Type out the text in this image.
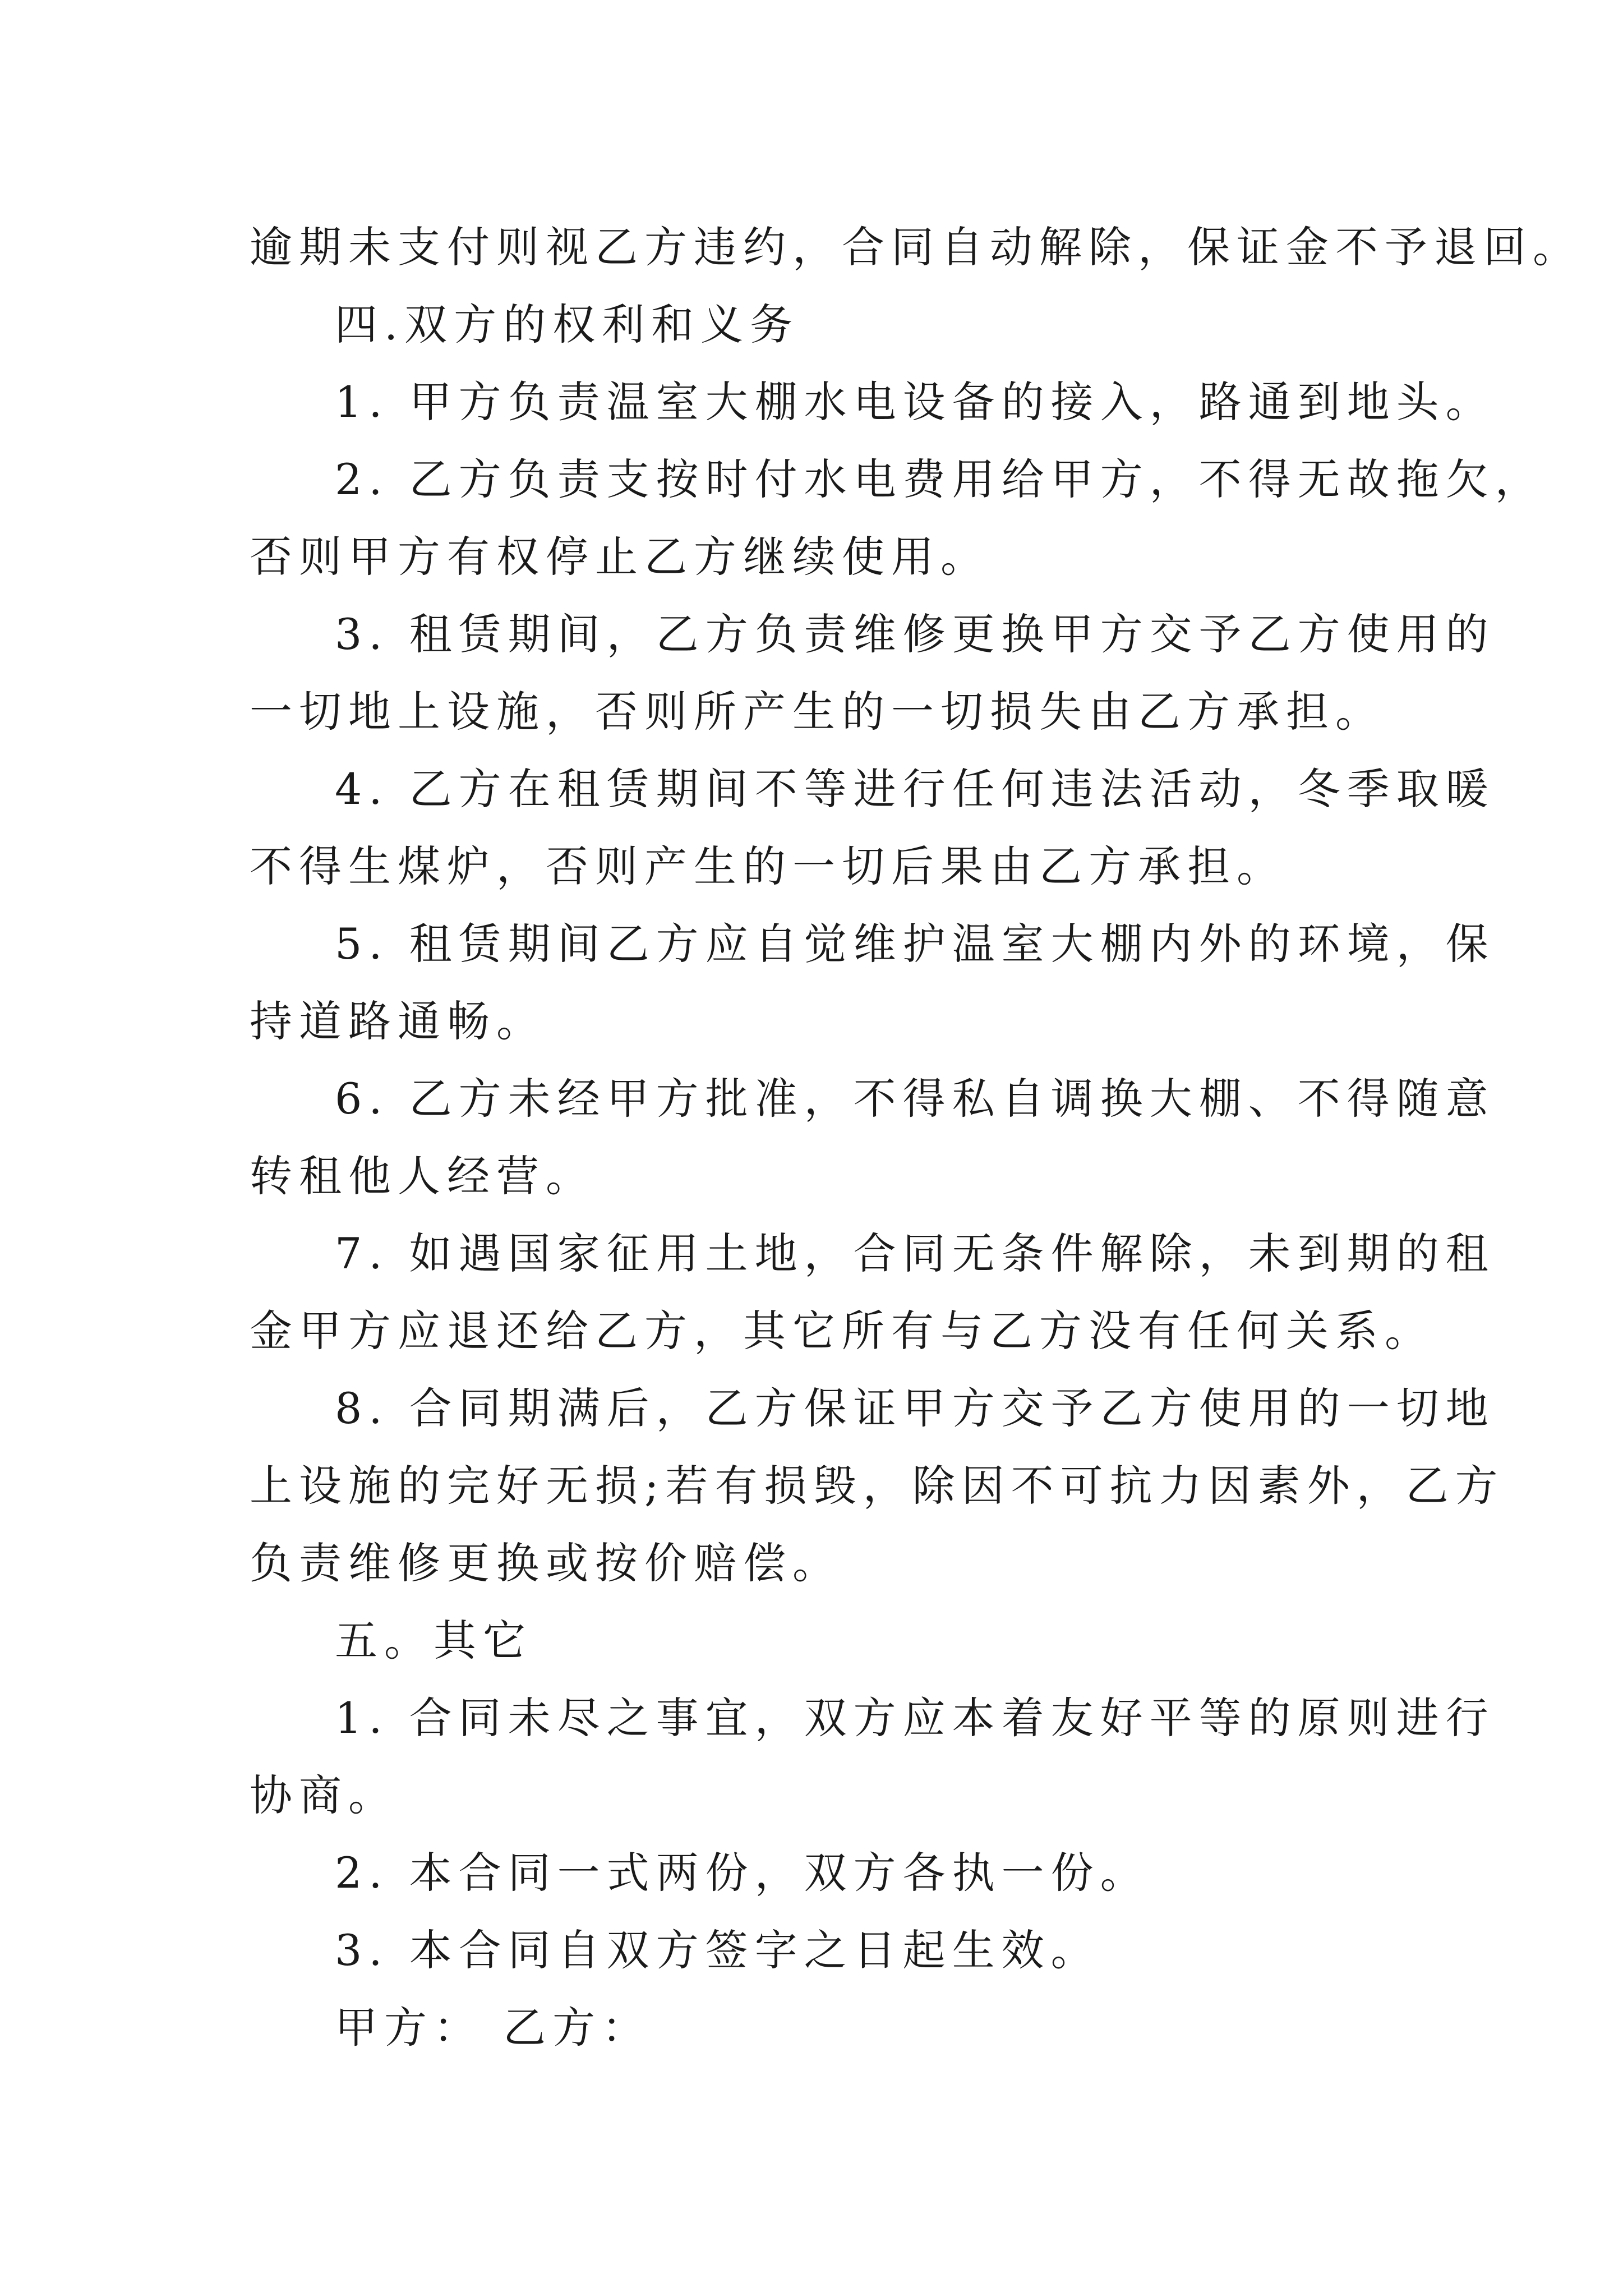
逾期未支付则视乙方违约，合同自动解除，保证金不予退回。
四.双方的权利和义务
1. 甲方负责温室大棚水电设备的接入，路通到地头。
2. 乙方负责支按时付水电费用给甲方，不得无故拖欠，
否则甲方有权停止乙方继续使用。
3. 租赁期间，乙方负责维修更换甲方交予乙方使用的
一切地上设施，否则所产生的一切损失由乙方承担。
4. 乙方在租赁期间不等进行任何违法活动，冬季取暖
不得生煤炉，否则产生的一切后果由乙方承担。
5. 租赁期间乙方应自觉维护温室大棚内外的环境，保
持道路通畅。
6. 乙方未经甲方批准，不得私自调换大棚、不得随意
转租他人经营。
7. 如遇国家征用土地，合同无条件解除，未到期的租
金甲方应退还给乙方，其它所有与乙方没有任何关系。
8. 合同期满后，乙方保证甲方交予乙方使用的一切地
上设施的完好无损;若有损毁，除因不可抗力因素外，乙方
负责维修更换或按价赔偿。
五。其它
1. 合同未尽之事宜，双方应本着友好平等的原则进行
协商。
2. 本合同一式两份，双方各执一份。
3. 本合同自双方签字之日起生效。
甲方： 乙方：
